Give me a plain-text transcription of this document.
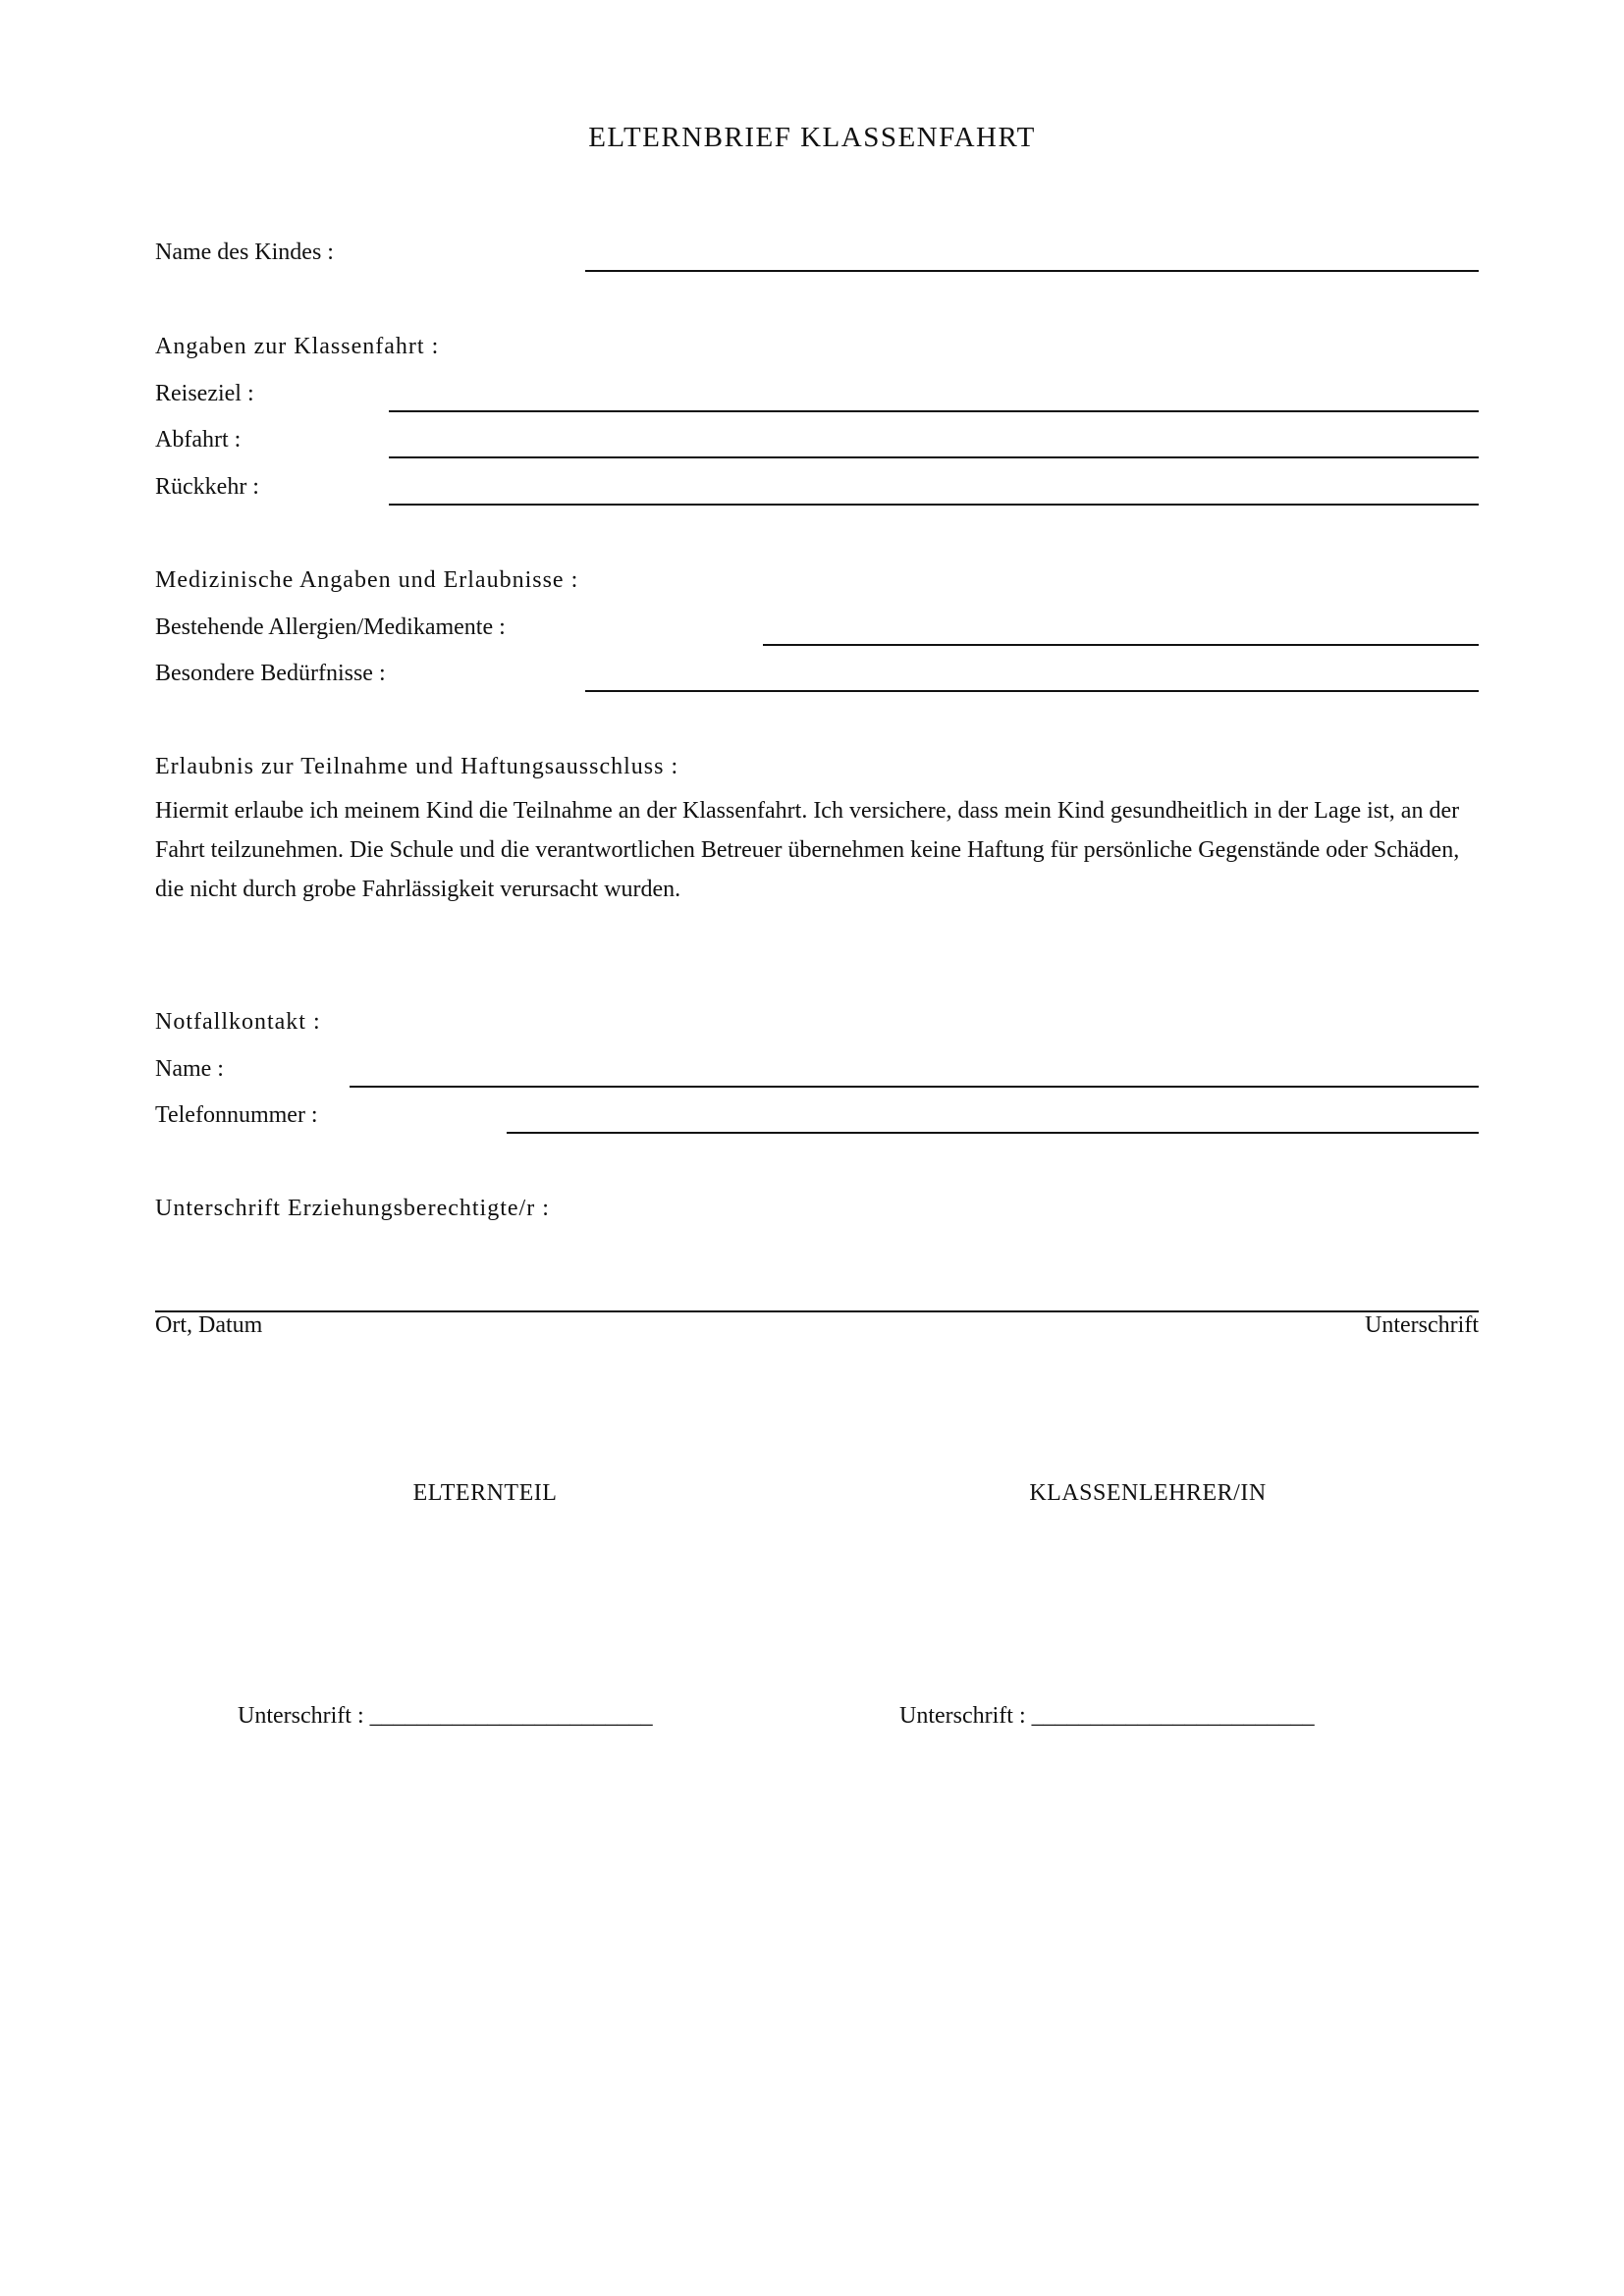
ELTERNBRIEF KLASSENFAHRT
Name des Kindes :
Angaben zur Klassenfahrt :
Reiseziel :
Abfahrt :
Rückkehr :
Medizinische Angaben und Erlaubnisse :
Bestehende Allergien/Medikamente :
Besondere Bedürfnisse :
Erlaubnis zur Teilnahme und Haftungsausschluss :
Hiermit erlaube ich meinem Kind die Teilnahme an der Klassenfahrt. Ich versichere, dass mein Kind gesundheitlich in der Lage ist, an der Fahrt teilzunehmen. Die Schule und die verantwortlichen Betreuer übernehmen keine Haftung für persönliche Gegenstände oder Schäden, die nicht durch grobe Fahrlässigkeit verursacht wurden.
Notfallkontakt :
Name :
Telefonnummer :
Unterschrift Erziehungsberechtigte/r :
Ort, Datum	Unterschrift
ELTERNTEIL	KLASSENLEHRER/IN
Unterschrift : ________________________	Unterschrift : ________________________
